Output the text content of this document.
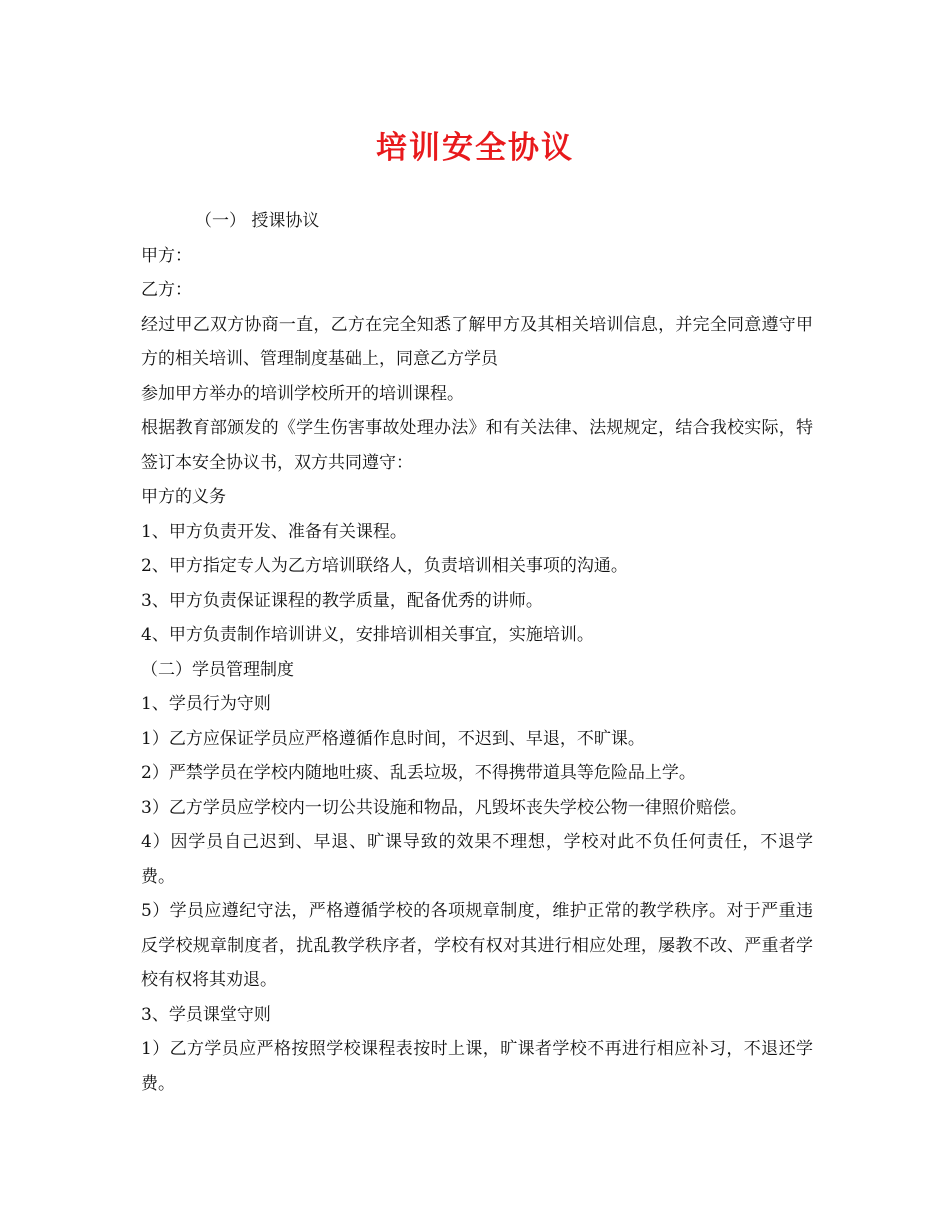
培训安全协议

（一） 授课协议

甲方：

乙方：

经过甲乙双方协商一直，乙方在完全知悉了解甲方及其相关培训信息，并完全同意遵守甲方的相关培训、管理制度基础上，同意乙方学员

参加甲方举办的培训学校所开的培训课程。

根据教育部颁发的《学生伤害事故处理办法》和有关法律、法规规定，结合我校实际，特签订本安全协议书，双方共同遵守：

甲方的义务

1、甲方负责开发、准备有关课程。

2、甲方指定专人为乙方培训联络人，负责培训相关事项的沟通。

3、甲方负责保证课程的教学质量，配备优秀的讲师。

4、甲方负责制作培训讲义，安排培训相关事宜，实施培训。

（二）学员管理制度

1、学员行为守则

1）乙方应保证学员应严格遵循作息时间，不迟到、早退，不旷课。

2）严禁学员在学校内随地吐痰、乱丢垃圾，不得携带道具等危险品上学。

3）乙方学员应学校内一切公共设施和物品，凡毁坏丧失学校公物一律照价赔偿。

4）因学员自己迟到、早退、旷课导致的效果不理想，学校对此不负任何责任，不退学费。

5）学员应遵纪守法，严格遵循学校的各项规章制度，维护正常的教学秩序。对于严重违反学校规章制度者，扰乱教学秩序者，学校有权对其进行相应处理，屡教不改、严重者学校有权将其劝退。

3、学员课堂守则

1）乙方学员应严格按照学校课程表按时上课，旷课者学校不再进行相应补习，不退还学费。
